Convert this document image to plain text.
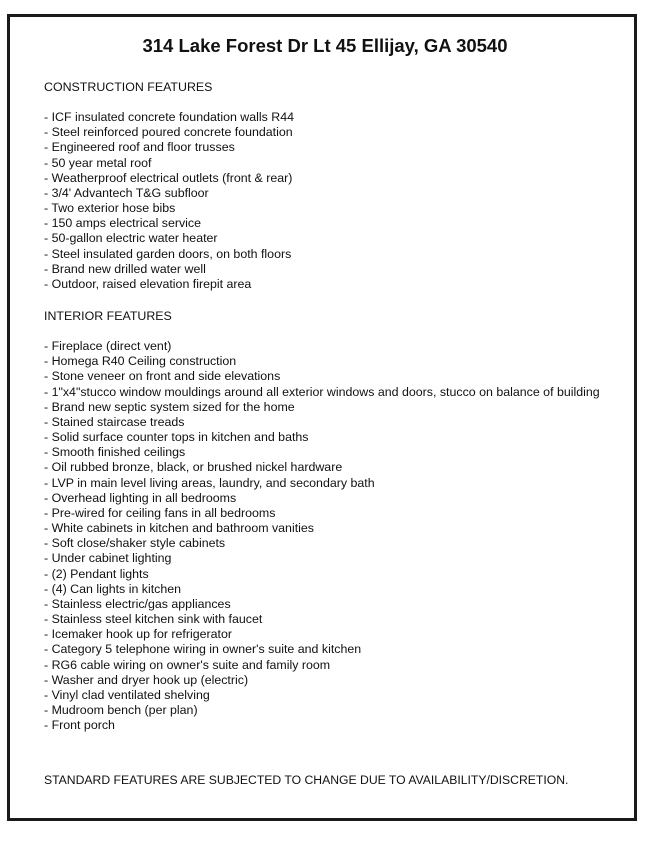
314 Lake Forest Dr Lt 45 Ellijay, GA 30540
CONSTRUCTION FEATURES
- ICF insulated concrete foundation walls R44
- Steel reinforced poured concrete foundation
- Engineered roof and floor trusses
- 50 year metal roof
- Weatherproof electrical outlets (front & rear)
- 3/4' Advantech T&G subfloor
- Two exterior hose bibs
- 150 amps electrical service
- 50-gallon electric water heater
- Steel insulated garden doors, on both floors
- Brand new drilled water well
- Outdoor, raised elevation firepit area
INTERIOR FEATURES
- Fireplace (direct vent)
- Homega R40 Ceiling construction
- Stone veneer on front and side elevations
- 1"x4"stucco window mouldings around all exterior windows and doors, stucco on balance of building
- Brand new septic system sized for the home
- Stained staircase treads
- Solid surface counter tops in kitchen and baths
- Smooth finished ceilings
- Oil rubbed bronze, black, or brushed nickel hardware
- LVP in main level living areas, laundry, and secondary bath
- Overhead lighting in all bedrooms
- Pre-wired for ceiling fans in all bedrooms
- White cabinets in kitchen and bathroom vanities
- Soft close/shaker style cabinets
- Under cabinet lighting
- (2) Pendant lights
- (4) Can lights in kitchen
- Stainless electric/gas appliances
- Stainless steel kitchen sink with faucet
- Icemaker hook up for refrigerator
- Category 5 telephone wiring in owner's suite and kitchen
- RG6 cable wiring on owner's suite and family room
- Washer and dryer hook up (electric)
- Vinyl clad ventilated shelving
- Mudroom bench (per plan)
- Front porch
STANDARD FEATURES ARE SUBJECTED TO CHANGE DUE TO AVAILABILITY/DISCRETION.
